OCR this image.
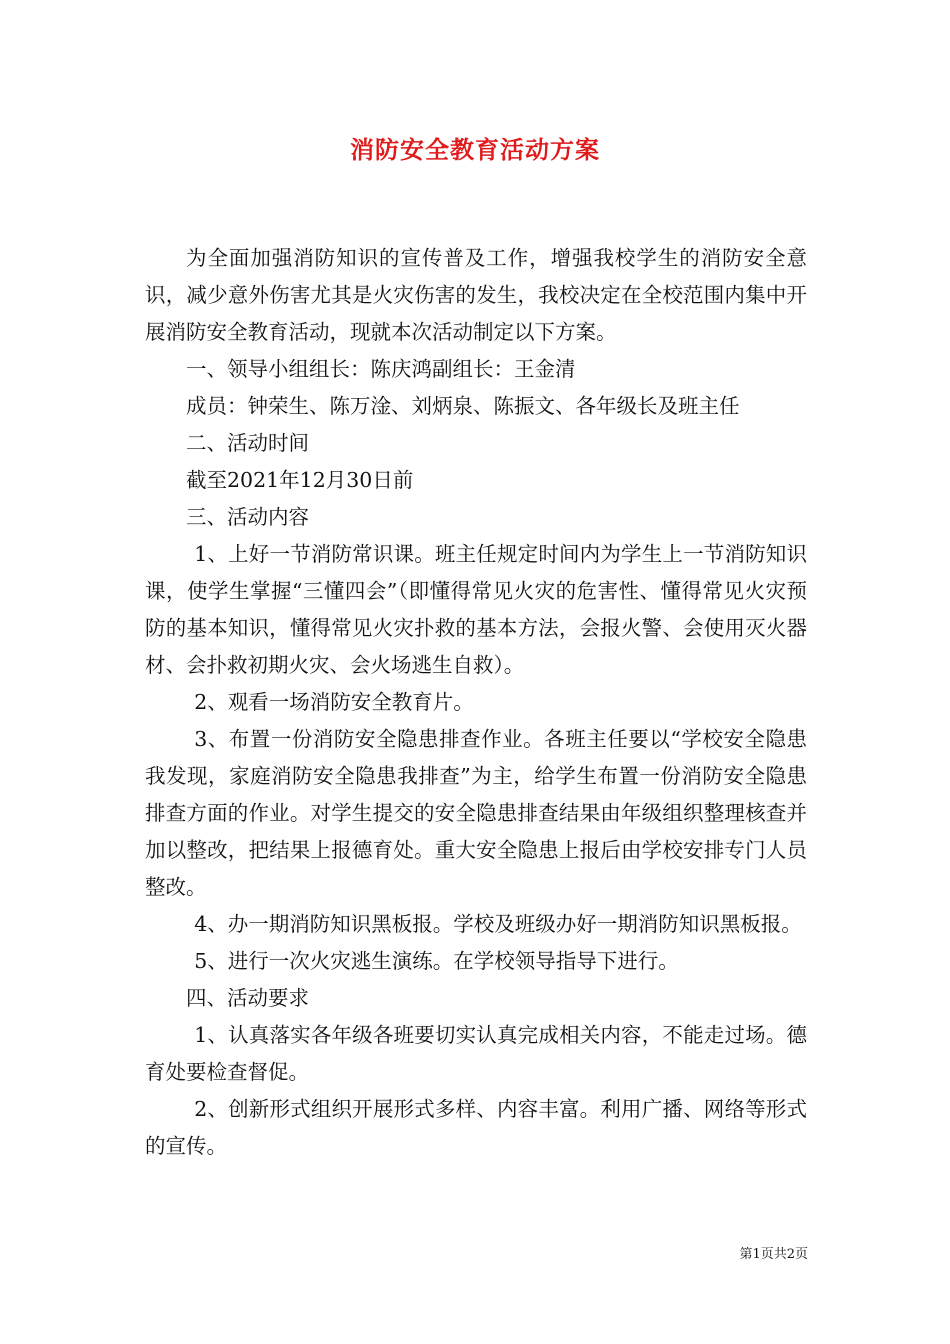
消防安全教育活动方案

为全面加强消防知识的宣传普及工作，增强我校学生的消防安全意识，减少意外伤害尤其是火灾伤害的发生，我校决定在全校范围内集中开展消防安全教育活动，现就本次活动制定以下方案。

一、领导小组组长：陈庆鸿副组长：王金清

成员：钟荣生、陈万淦、刘炳泉、陈振文、各年级长及班主任

二、活动时间

截至2021年12月30日前

三、活动内容

1、上好一节消防常识课。班主任规定时间内为学生上一节消防知识课，使学生掌握“三懂四会”（即懂得常见火灾的危害性、懂得常见火灾预防的基本知识，懂得常见火灾扑救的基本方法，会报火警、会使用灭火器材、会扑救初期火灾、会火场逃生自救）。

2、观看一场消防安全教育片。

3、布置一份消防安全隐患排查作业。各班主任要以“学校安全隐患我发现，家庭消防安全隐患我排查”为主，给学生布置一份消防安全隐患排查方面的作业。对学生提交的安全隐患排查结果由年级组织整理核查并加以整改，把结果上报德育处。重大安全隐患上报后由学校安排专门人员整改。

4、办一期消防知识黑板报。学校及班级办好一期消防知识黑板报。

5、进行一次火灾逃生演练。在学校领导指导下进行。

四、活动要求

1、认真落实各年级各班要切实认真完成相关内容，不能走过场。德育处要检查督促。

2、创新形式组织开展形式多样、内容丰富。利用广播、网络等形式的宣传。

第1页共2页
